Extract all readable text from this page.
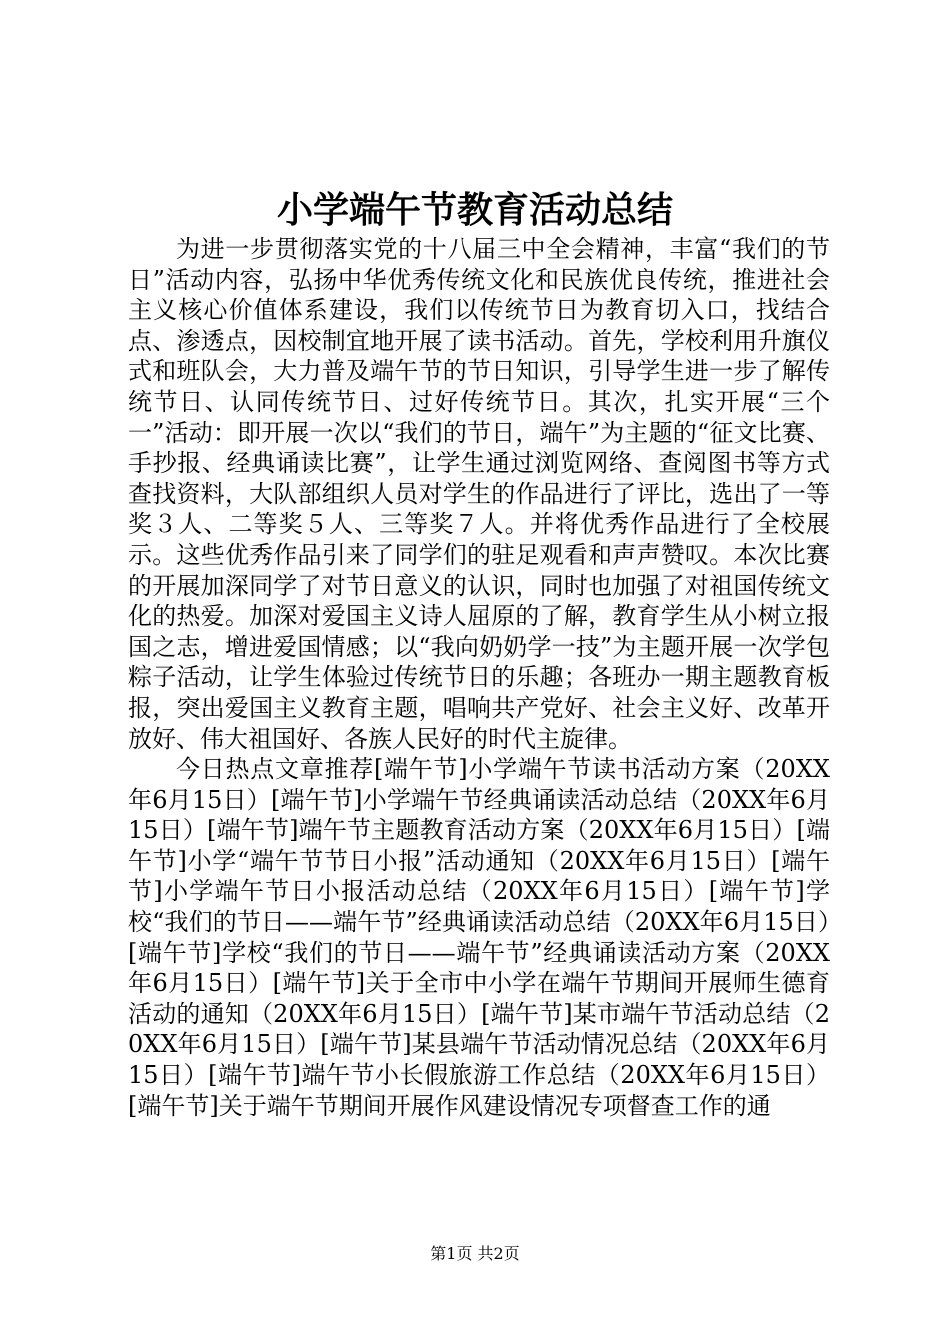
小学端午节教育活动总结

为进一步贯彻落实党的十八届三中全会精神，丰富“我们的节日”活动内容，弘扬中华优秀传统文化和民族优良传统，推进社会主义核心价值体系建设，我们以传统节日为教育切入口，找结合点、渗透点，因校制宜地开展了读书活动。首先，学校利用升旗仪式和班队会，大力普及端午节的节日知识，引导学生进一步了解传统节日、认同传统节日、过好传统节日。其次，扎实开展“三个一”活动：即开展一次以“我们的节日，端午”为主题的“征文比赛、手抄报、经典诵读比赛”，让学生通过浏览网络、查阅图书等方式查找资料，大队部组织人员对学生的作品进行了评比，选出了一等奖３人、二等奖５人、三等奖７人。并将优秀作品进行了全校展示。这些优秀作品引来了同学们的驻足观看和声声赞叹。本次比赛的开展加深同学了对节日意义的认识，同时也加强了对祖国传统文化的热爱。加深对爱国主义诗人屈原的了解，教育学生从小树立报国之志，增进爱国情感；以“我向奶奶学一技”为主题开展一次学包粽子活动，让学生体验过传统节日的乐趣；各班办一期主题教育板报，突出爱国主义教育主题，唱响共产党好、社会主义好、改革开放好、伟大祖国好、各族人民好的时代主旋律。

今日热点文章推荐[端午节]小学端午节读书活动方案（20XX年6月15日）[端午节]小学端午节经典诵读活动总结（20XX年6月15日）[端午节]端午节主题教育活动方案（20XX年6月15日）[端午节]小学“端午节节日小报”活动通知（20XX年6月15日）[端午节]小学端午节日小报活动总结（20XX年6月15日）[端午节]学校“我们的节日——端午节”经典诵读活动总结（20XX年6月15日）[端午节]学校“我们的节日——端午节”经典诵读活动方案（20XX年6月15日）[端午节]关于全市中小学在端午节期间开展师生德育活动的通知（20XX年6月15日）[端午节]某市端午节活动总结（20XX年6月15日）[端午节]某县端午节活动情况总结（20XX年6月15日）[端午节]端午节小长假旅游工作总结（20XX年6月15日）[端午节]关于端午节期间开展作风建设情况专项督查工作的通

第1页 共2页
